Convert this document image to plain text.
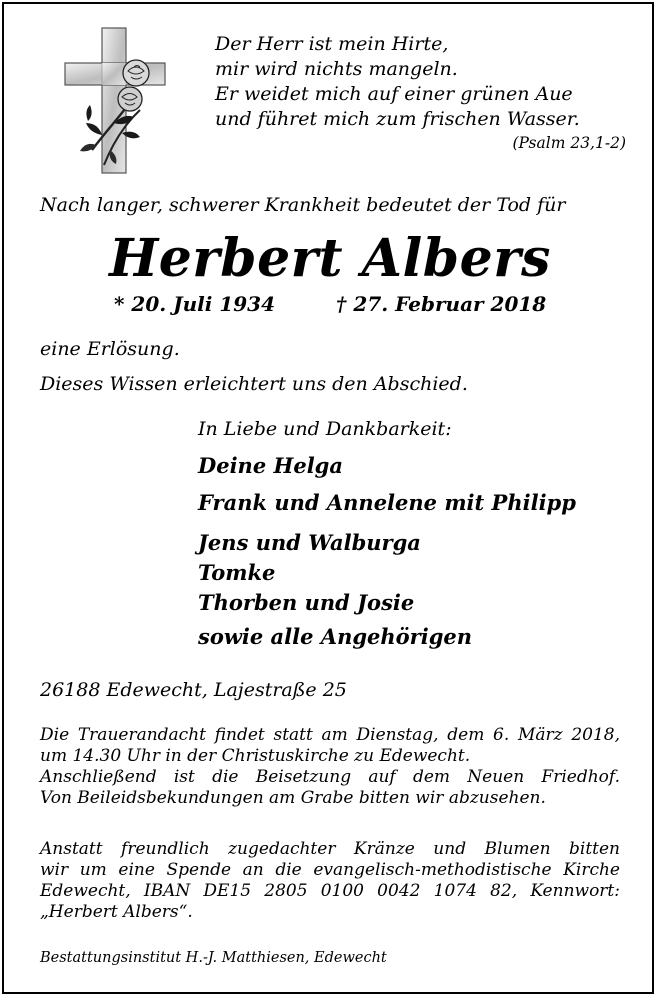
Der Herr ist mein Hirte,
mir wird nichts mangeln.
Er weidet mich auf einer grünen Aue
und führet mich zum frischen Wasser.
(Psalm 23,1-2)
Nach langer, schwerer Krankheit bedeutet der Tod für
Herbert Albers
* 20. Juli 1934	† 27. Februar 2018
eine Erlösung.
Dieses Wissen erleichtert uns den Abschied.
In Liebe und Dankbarkeit:
Deine Helga
Frank und Annelene mit Philipp
Jens und Walburga
Tomke
Thorben und Josie
sowie alle Angehörigen
26188 Edewecht, Lajestraße 25
Die Trauerandacht findet statt am Dienstag, dem 6. März 2018,
um 14.30 Uhr in der Christuskirche zu Edewecht.
Anschließend ist die Beisetzung auf dem Neuen Friedhof.
Von Beileidsbekundungen am Grabe bitten wir abzusehen.
Anstatt freundlich zugedachter Kränze und Blumen bitten
wir um eine Spende an die evangelisch-methodistische Kirche
Edewecht, IBAN DE15 2805 0100 0042 1074 82, Kennwort:
„Herbert Albers“.
Bestattungsinstitut H.-J. Matthiesen, Edewecht
